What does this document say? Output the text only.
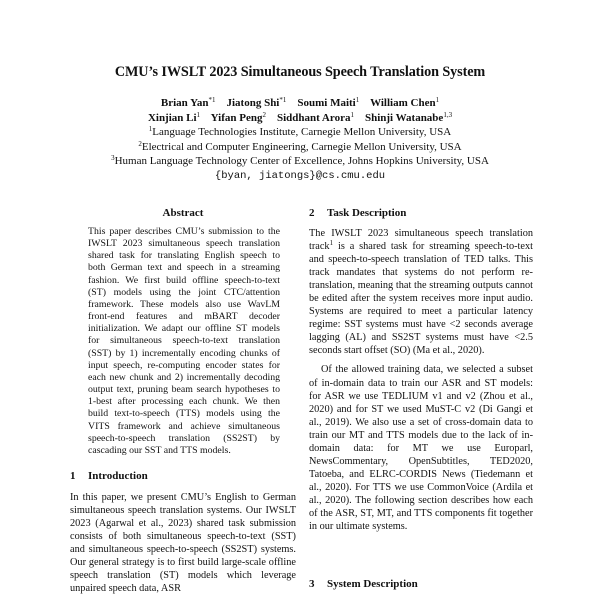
CMU’s IWSLT 2023 Simultaneous Speech Translation System
Brian Yan$^{*1}$ Jiatong Shi$^{*1}$ Soumi Maiti$^1$ William Chen$^1$
Xinjian Li$^1$ Yifan Peng$^2$ Siddhant Arora$^1$ Shinji Watanabe$^{1,3}$
$^1$Language Technologies Institute, Carnegie Mellon University, USA
$^2$Electrical and Computer Engineering, Carnegie Mellon University, USA
$^3$Human Language Technology Center of Excellence, Johns Hopkins University, USA
{byan, jiatongs}@cs.cmu.edu
Abstract

This paper describes CMU’s submission to the IWSLT 2023 simultaneous speech translation shared task for translating English speech to both German text and speech in a streaming fashion. We first build offline speech-to-text (ST) models using the joint CTC/attention framework. These models also use WavLM front-end features and mBART decoder initialization. We adapt our offline ST models for simultaneous speech-to-text translation (SST) by 1) incrementally encoding chunks of input speech, re-computing encoder states for each new chunk and 2) incrementally decoding output text, pruning beam search hypotheses to 1-best after processing each chunk. We then build text-to-speech (TTS) models using the VITS framework and achieve simultaneous speech-to-speech translation (SS2ST) by cascading our SST and TTS models.

1 Introduction

In this paper, we present CMU’s English to German simultaneous speech translation systems. Our IWSLT 2023 (Agarwal et al., 2023) shared task submission consists of both simultaneous speech-to-text (SST) and simultaneous speech-to-speech (SS2ST) systems. Our general strategy is to first build large-scale offline speech translation (ST) models which leverage unpaired speech data, ASR

2 Task Description

The IWSLT 2023 simultaneous speech translation track$^1$ is a shared task for streaming speech-to-text and speech-to-speech translation of TED talks. This track mandates that systems do not perform re-translation, meaning that the streaming outputs cannot be edited after the system receives more input audio. Systems are required to meet a particular latency regime: SST systems must have <2 seconds average lagging (AL) and SS2ST systems must have <2.5 seconds start offset (SO) (Ma et al., 2020).

Of the allowed training data, we selected a subset of in-domain data to train our ASR and ST models: for ASR we use TEDLIUM v1 and v2 (Zhou et al., 2020) and for ST we used MuST-C v2 (Di Gangi et al., 2019). We also use a set of cross-domain data to train our MT and TTS models due to the lack of in-domain data: for MT we use Europarl, NewsCommentary, OpenSubtitles, TED2020, Tatoeba, and ELRC-CORDIS News (Tiedemann et al., 2020). For TTS we use CommonVoice (Ardila et al., 2020). The following section describes how each of the ASR, ST, MT, and TTS components fit together in our ultimate systems.

3 System Description
